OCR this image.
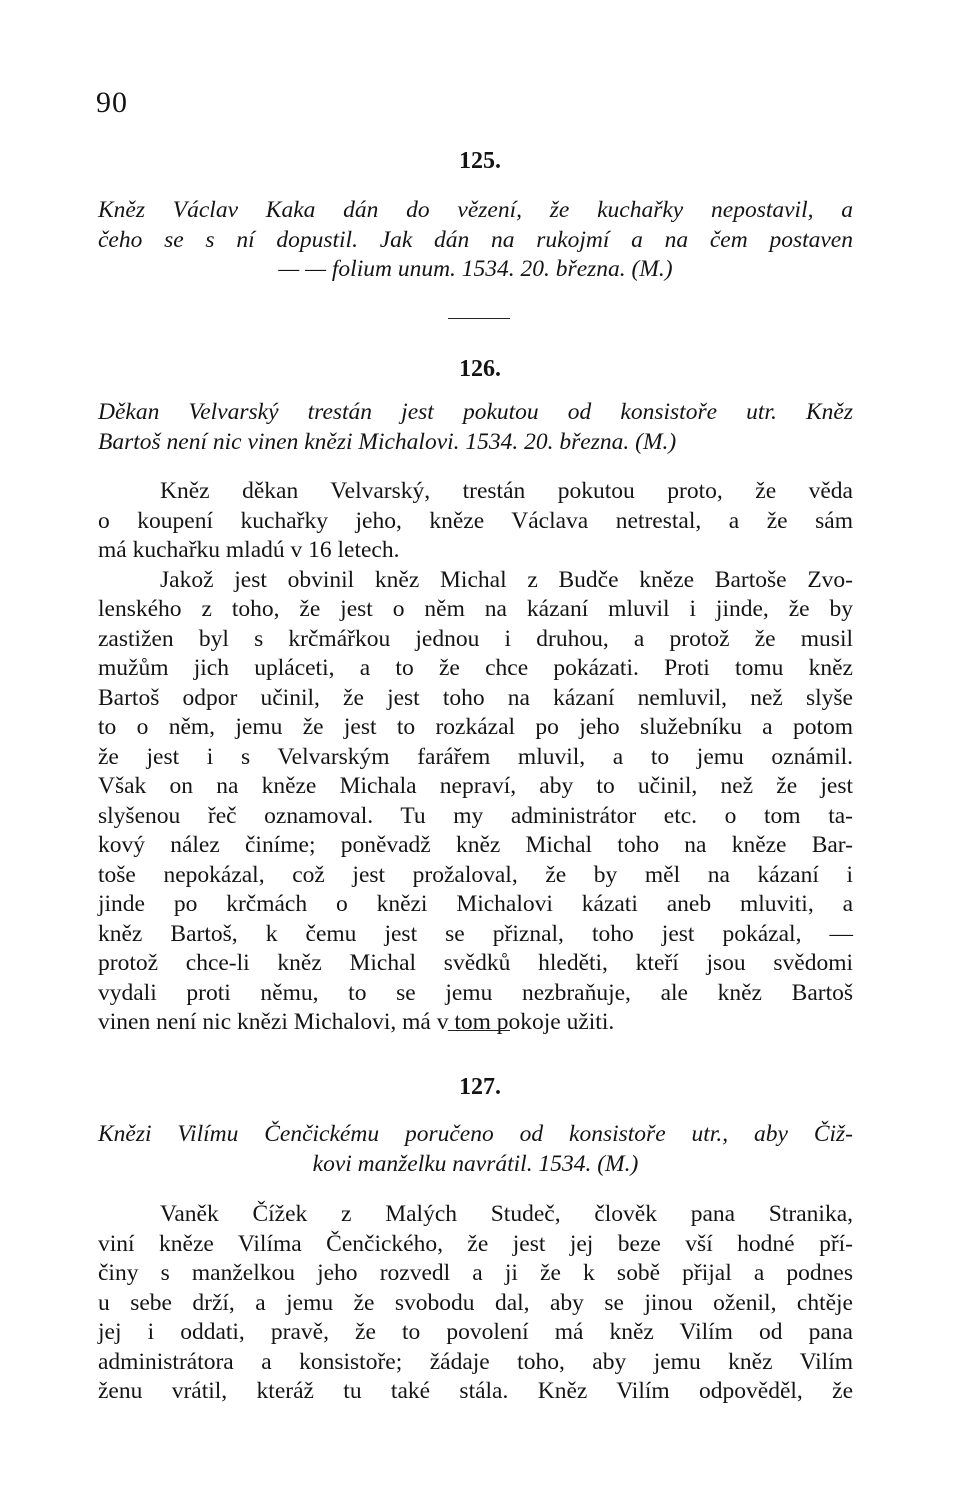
90
125.
Kněz Václav Kaka dán do vězení, že kuchařky nepostavil, a
čeho se s ní dopustil. Jak dán na rukojmí a na čem postaven
— — folium unum. 1534. 20. března. (M.)
126.
Děkan Velvarský trestán jest pokutou od konsistoře utr. Kněz
Bartoš není nic vinen knězi Michalovi. 1534. 20. března. (M.)
Kněz děkan Velvarský, trestán pokutou proto, že věda
o koupení kuchařky jeho, kněze Václava netrestal, a že sám
má kuchařku mladú v 16 letech.
Jakož jest obvinil kněz Michal z Budče kněze Bartoše Zvo-
lenského z toho, že jest o něm na kázaní mluvil i jinde, že by
zastižen byl s krčmářkou jednou i druhou, a protož že musil
mužům jich upláceti, a to že chce pokázati. Proti tomu kněz
Bartoš odpor učinil, že jest toho na kázaní nemluvil, než slyše
to o něm, jemu že jest to rozkázal po jeho služebníku a potom
že jest i s Velvarským farářem mluvil, a to jemu oznámil.
Však on na kněze Michala nepraví, aby to učinil, než že jest
slyšenou řeč oznamoval. Tu my administrátor etc. o tom ta-
kový nález činíme; poněvadž kněz Michal toho na kněze Bar-
toše nepokázal, což jest prožaloval, že by měl na kázaní i
jinde po krčmách o knězi Michalovi kázati aneb mluviti, a
kněz Bartoš, k čemu jest se přiznal, toho jest pokázal, —
protož chce-li kněz Michal svědků hleděti, kteří jsou svědomi
vydali proti němu, to se jemu nezbraňuje, ale kněz Bartoš
vinen není nic knězi Michalovi, má v tom pokoje užiti.
127.
Knězi Vilímu Čenčickému poručeno od konsistoře utr., aby Čiž-
kovi manželku navrátil. 1534. (M.)
Vaněk Čížek z Malých Studeč, člověk pana Stranika,
viní kněze Vilíma Čenčického, že jest jej beze vší hodné pří-
činy s manželkou jeho rozvedl a ji že k sobě přijal a podnes
u sebe drží, a jemu že svobodu dal, aby se jinou oženil, chtěje
jej i oddati, pravě, že to povolení má kněz Vilím od pana
administrátora a konsistoře; žádaje toho, aby jemu kněz Vilím
ženu vrátil, kteráž tu také stála. Kněz Vilím odpověděl, že
